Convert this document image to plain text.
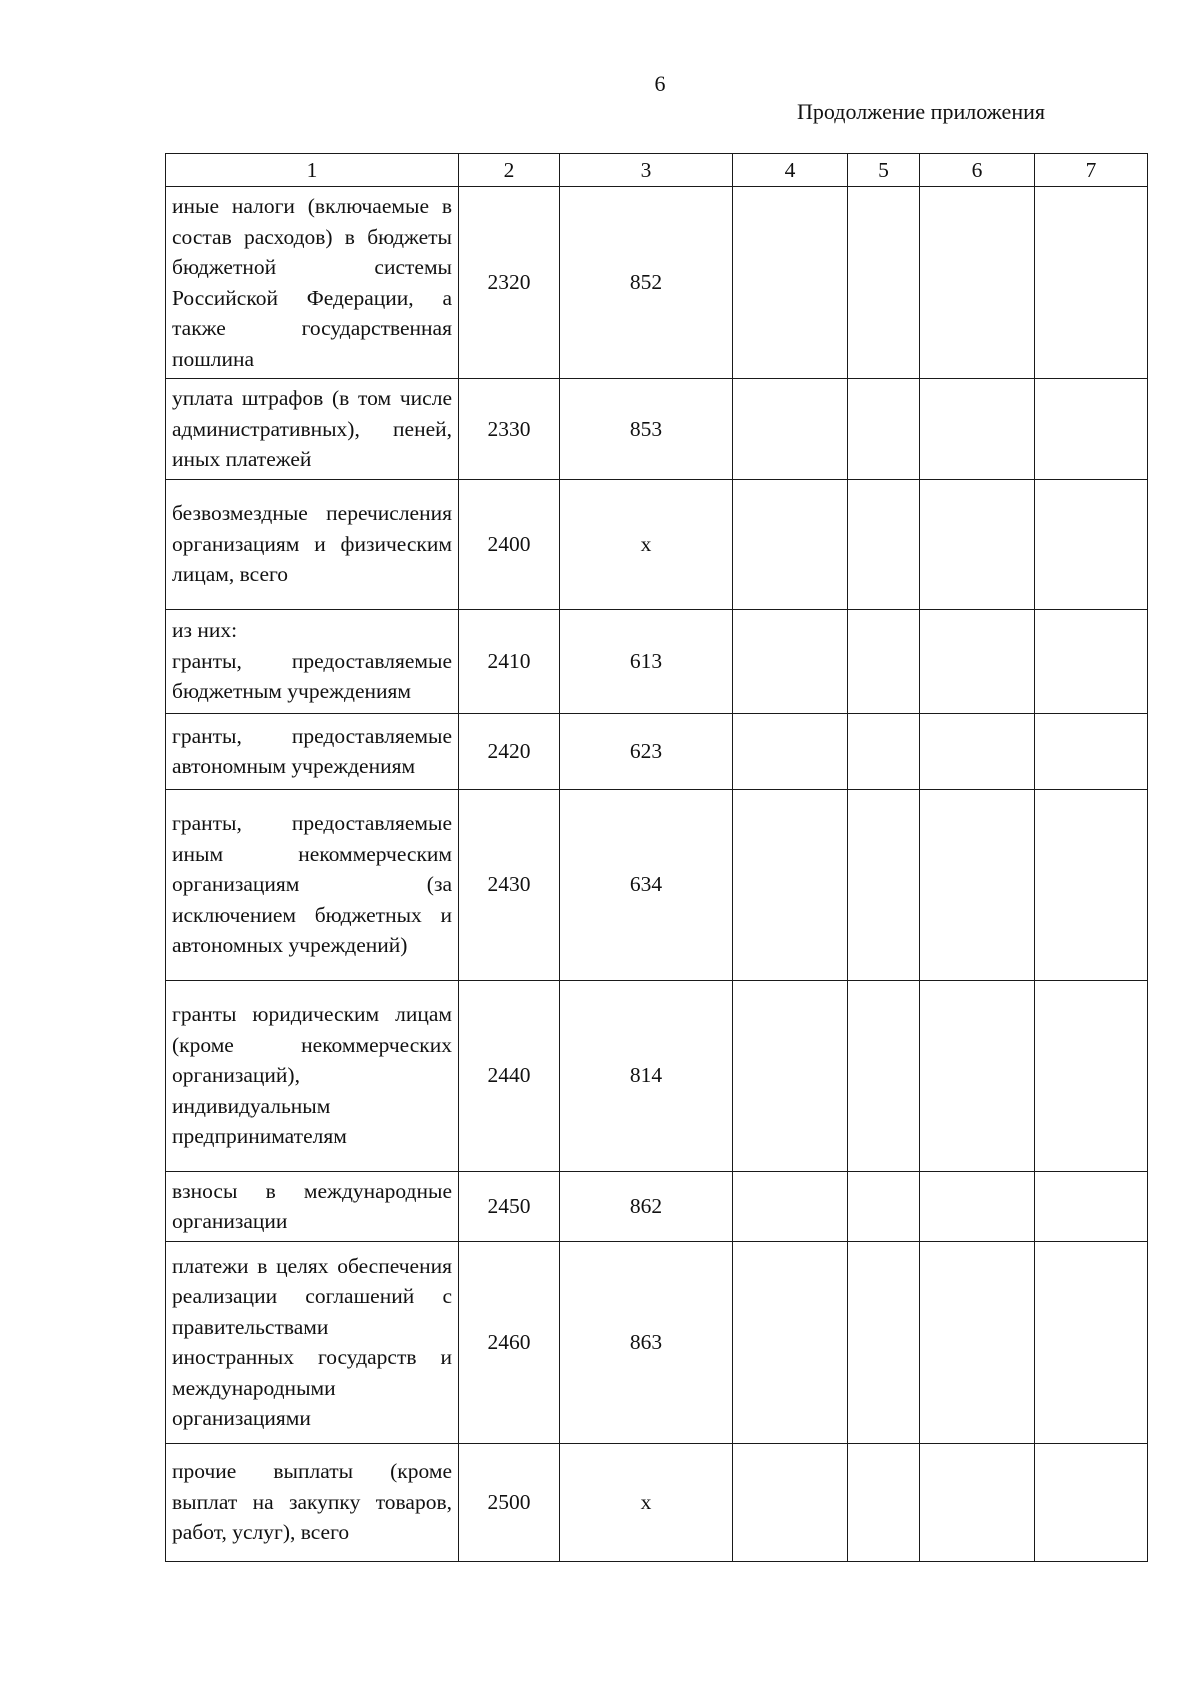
6
Продолжение приложения
1	2	3	4	5	6	7
иные налоги (включаемые в состав расходов) в бюджеты бюджетной системы Российской Федерации, а также государственная пошлина	2320	852				
уплата штрафов (в том числе административных), пеней, иных платежей	2330	853				
безвозмездные перечисления организациям и физическим лицам, всего	2400	х				

из них:
гранты, предоставляемые бюджетным учреждениям	2410	613				
гранты, предоставляемые автономным учреждениям	2420	623				
гранты, предоставляемые иным некоммерческим организациям (за исключением бюджетных и автономных учреждений)	2430	634				
гранты юридическим лицам (кроме некоммерческих организаций), индивидуальным предпринимателям	2440	814				
взносы в международные организации	2450	862				
платежи в целях обеспечения реализации соглашений с правительствами иностранных государств и международными организациями	2460	863				
прочие выплаты (кроме выплат на закупку товаров, работ, услуг), всего	2500	х				
